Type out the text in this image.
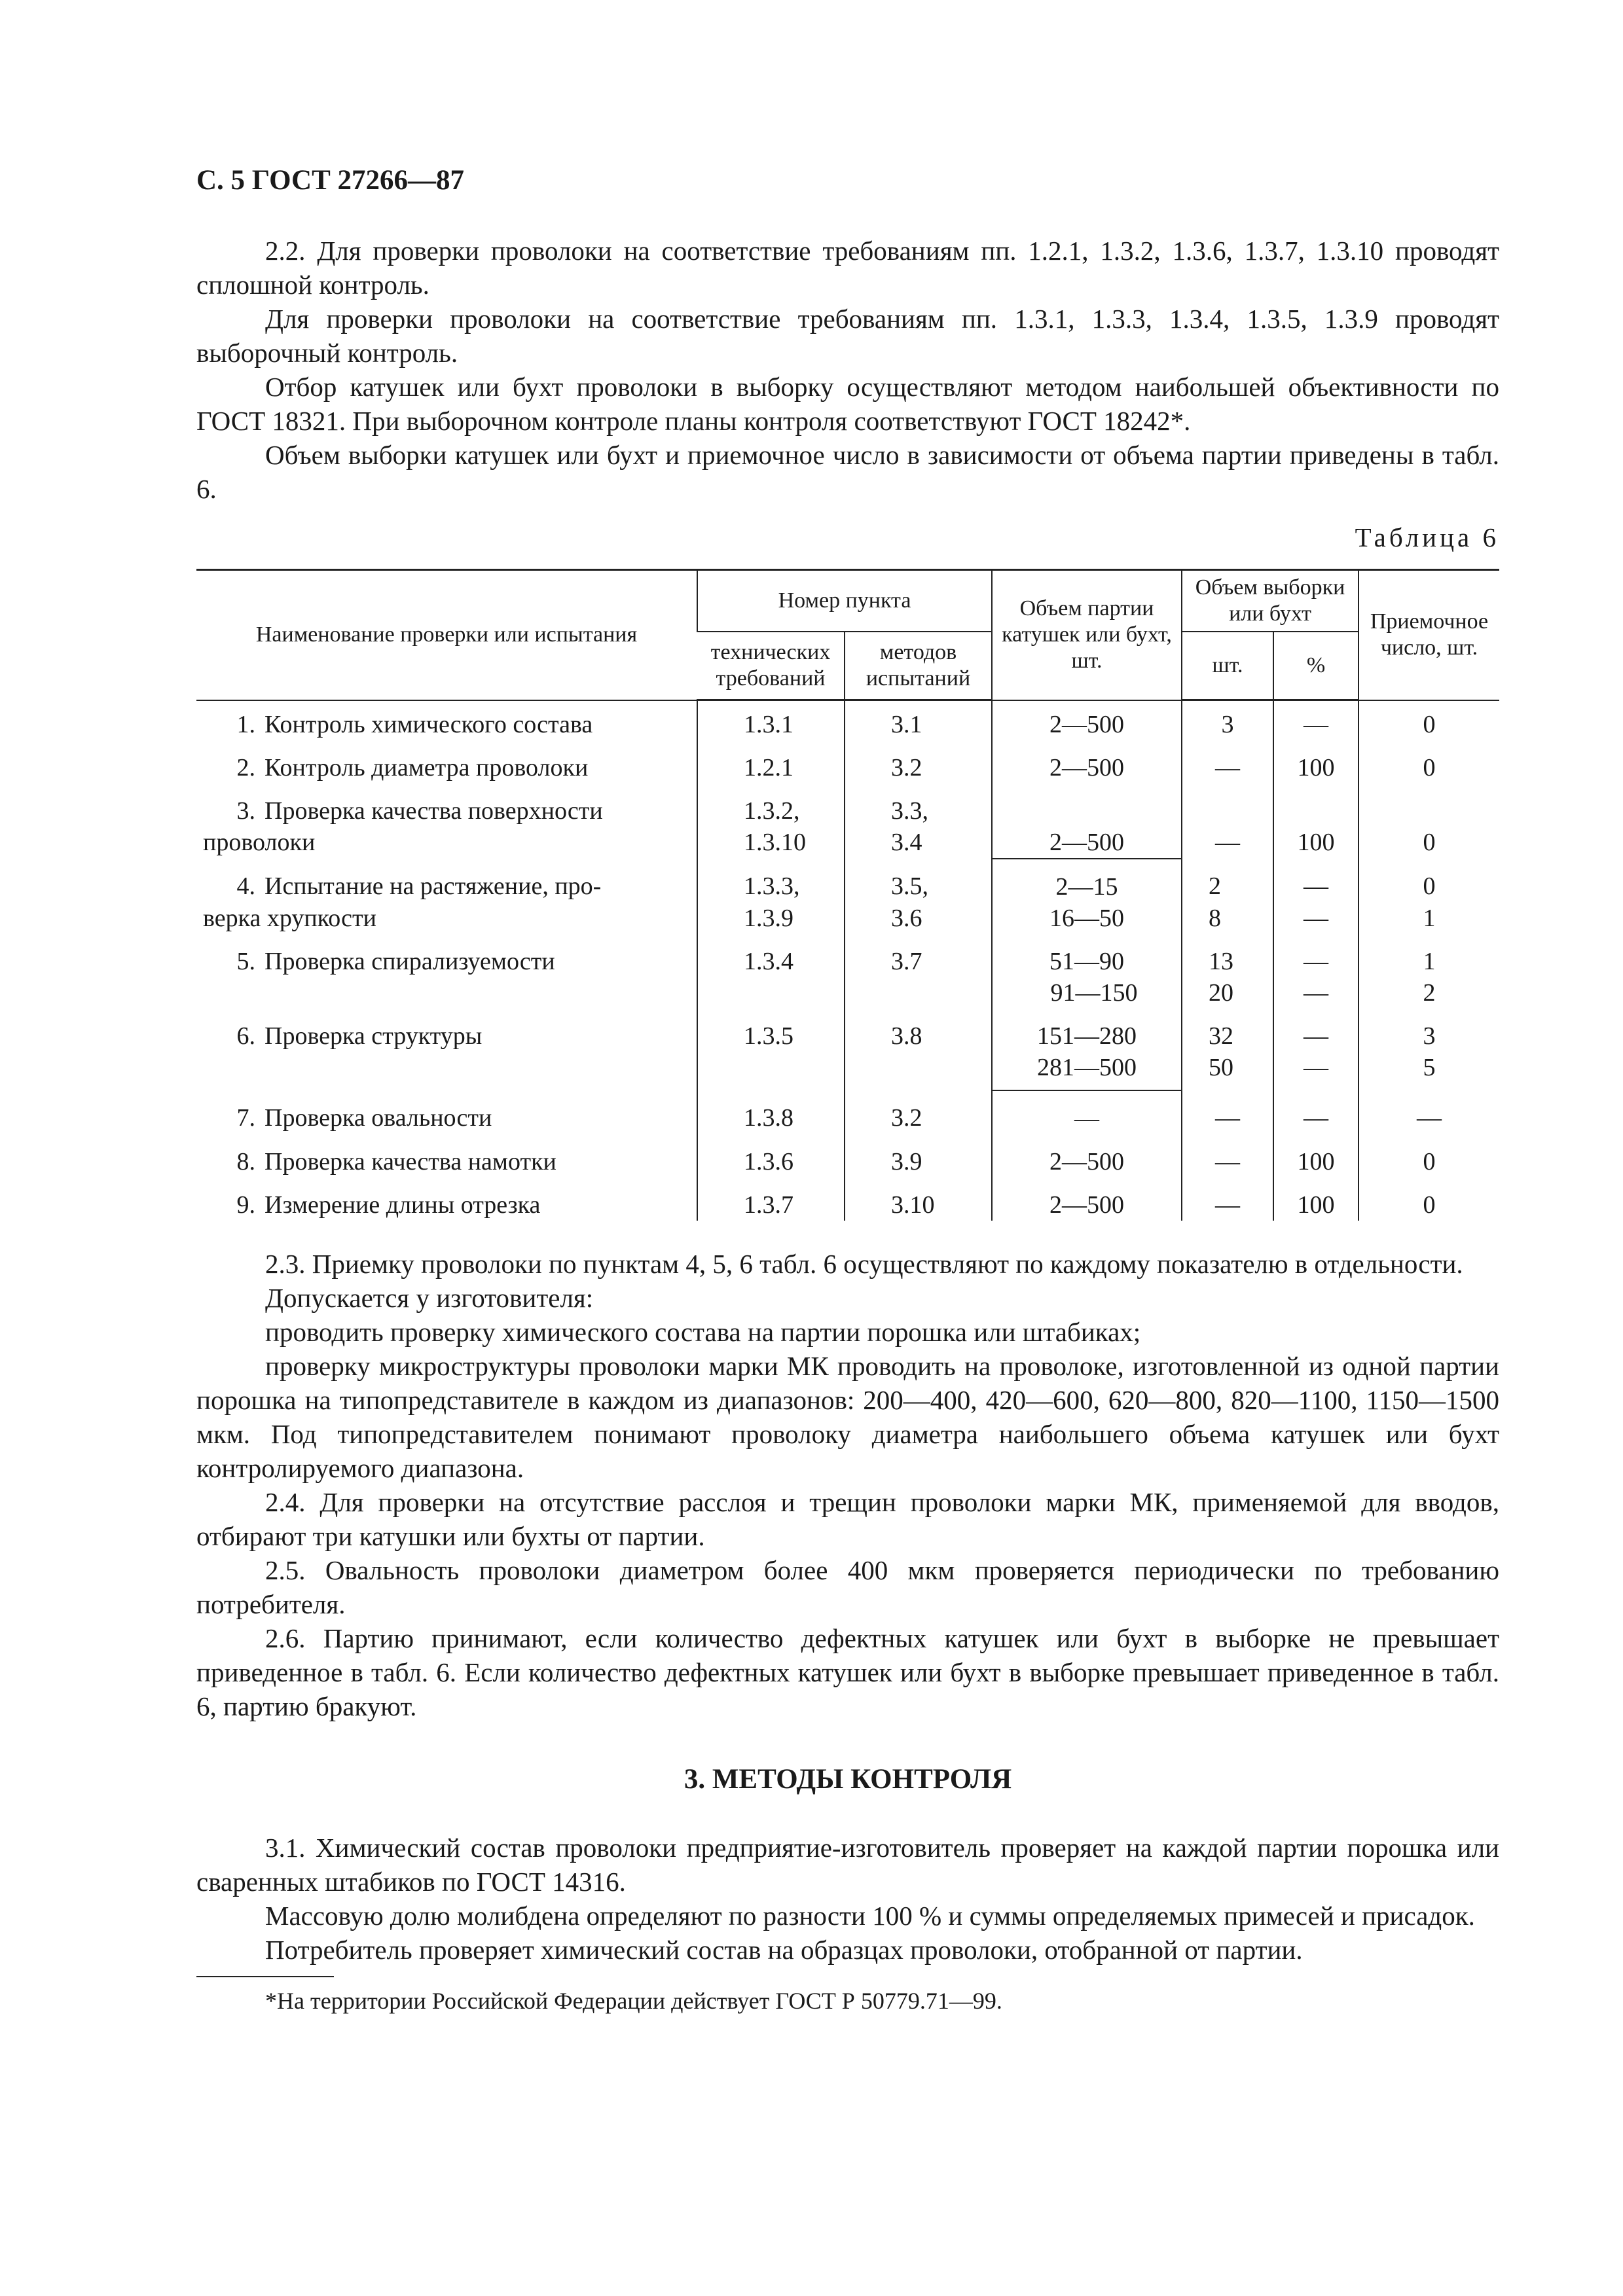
С. 5 ГОСТ 27266—87

2.2. Для проверки проволоки на соответствие требованиям пп. 1.2.1, 1.3.2, 1.3.6, 1.3.7, 1.3.10 проводят сплошной контроль.

Для проверки проволоки на соответствие требованиям пп. 1.3.1, 1.3.3, 1.3.4, 1.3.5, 1.3.9 проводят выборочный контроль.

Отбор катушек или бухт проволоки в выборку осуществляют методом наибольшей объективности по ГОСТ 18321. При выборочном контроле планы контроля соответствуют ГОСТ 18242*.

Объем выборки катушек или бухт и приемочное число в зависимости от объема партии приведены в табл. 6.

Таблица 6
Наименование проверки или испытания	Номер пункта		Объем партии катушек или бухт, шт.	Объем выборки или бухт		Приемочное число, шт.
	технических требований	методов испытаний		шт.	%	
1. Контроль химического состава	1.3.1	3.1	2—500	3	—	0
2. Контроль диаметра проволоки	1.2.1	3.2	2—500	—	100	0
3. Проверка качества поверхности	1.3.2,	3.3,				
проволоки	1.3.10	3.4	2—500	—	100	0
4. Испытание на растяжение, про-	1.3.3,	3.5,	2—15	2	—	0
верка хрупкости	1.3.9	3.6	16—50	8	—	1
5. Проверка спирализуемости	1.3.4	3.7	51—90	13	—	1
			91—150	20	—	2
6. Проверка структуры	1.3.5	3.8	151—280	32	—	3
			281—500	50	—	5
7. Проверка овальности	1.3.8	3.2	—	—	—	—
8. Проверка качества намотки	1.3.6	3.9	2—500	—	100	0
9. Измерение длины отрезка	1.3.7	3.10	2—500	—	100	0

2.3. Приемку проволоки по пунктам 4, 5, 6 табл. 6 осуществляют по каждому показателю в отдельности.

Допускается у изготовителя:

проводить проверку химического состава на партии порошка или штабиках;

проверку микроструктуры проволоки марки МК проводить на проволоке, изготовленной из одной партии порошка на типопредставителе в каждом из диапазонов: 200—400, 420—600, 620—800, 820—1100, 1150—1500 мкм. Под типопредставителем понимают проволоку диаметра наибольшего объема катушек или бухт контролируемого диапазона.

2.4. Для проверки на отсутствие расслоя и трещин проволоки марки МК, применяемой для вводов, отбирают три катушки или бухты от партии.

2.5. Овальность проволоки диаметром более 400 мкм проверяется периодически по требованию потребителя.

2.6. Партию принимают, если количество дефектных катушек или бухт в выборке не превышает приведенное в табл. 6. Если количество дефектных катушек или бухт в выборке превышает приведенное в табл. 6, партию бракуют.

3. МЕТОДЫ КОНТРОЛЯ

3.1. Химический состав проволоки предприятие-изготовитель проверяет на каждой партии порошка или сваренных штабиков по ГОСТ 14316.

Массовую долю молибдена определяют по разности 100 % и суммы определяемых примесей и присадок.

Потребитель проверяет химический состав на образцах проволоки, отобранной от партии.

*На территории Российской Федерации действует ГОСТ Р 50779.71—99.
